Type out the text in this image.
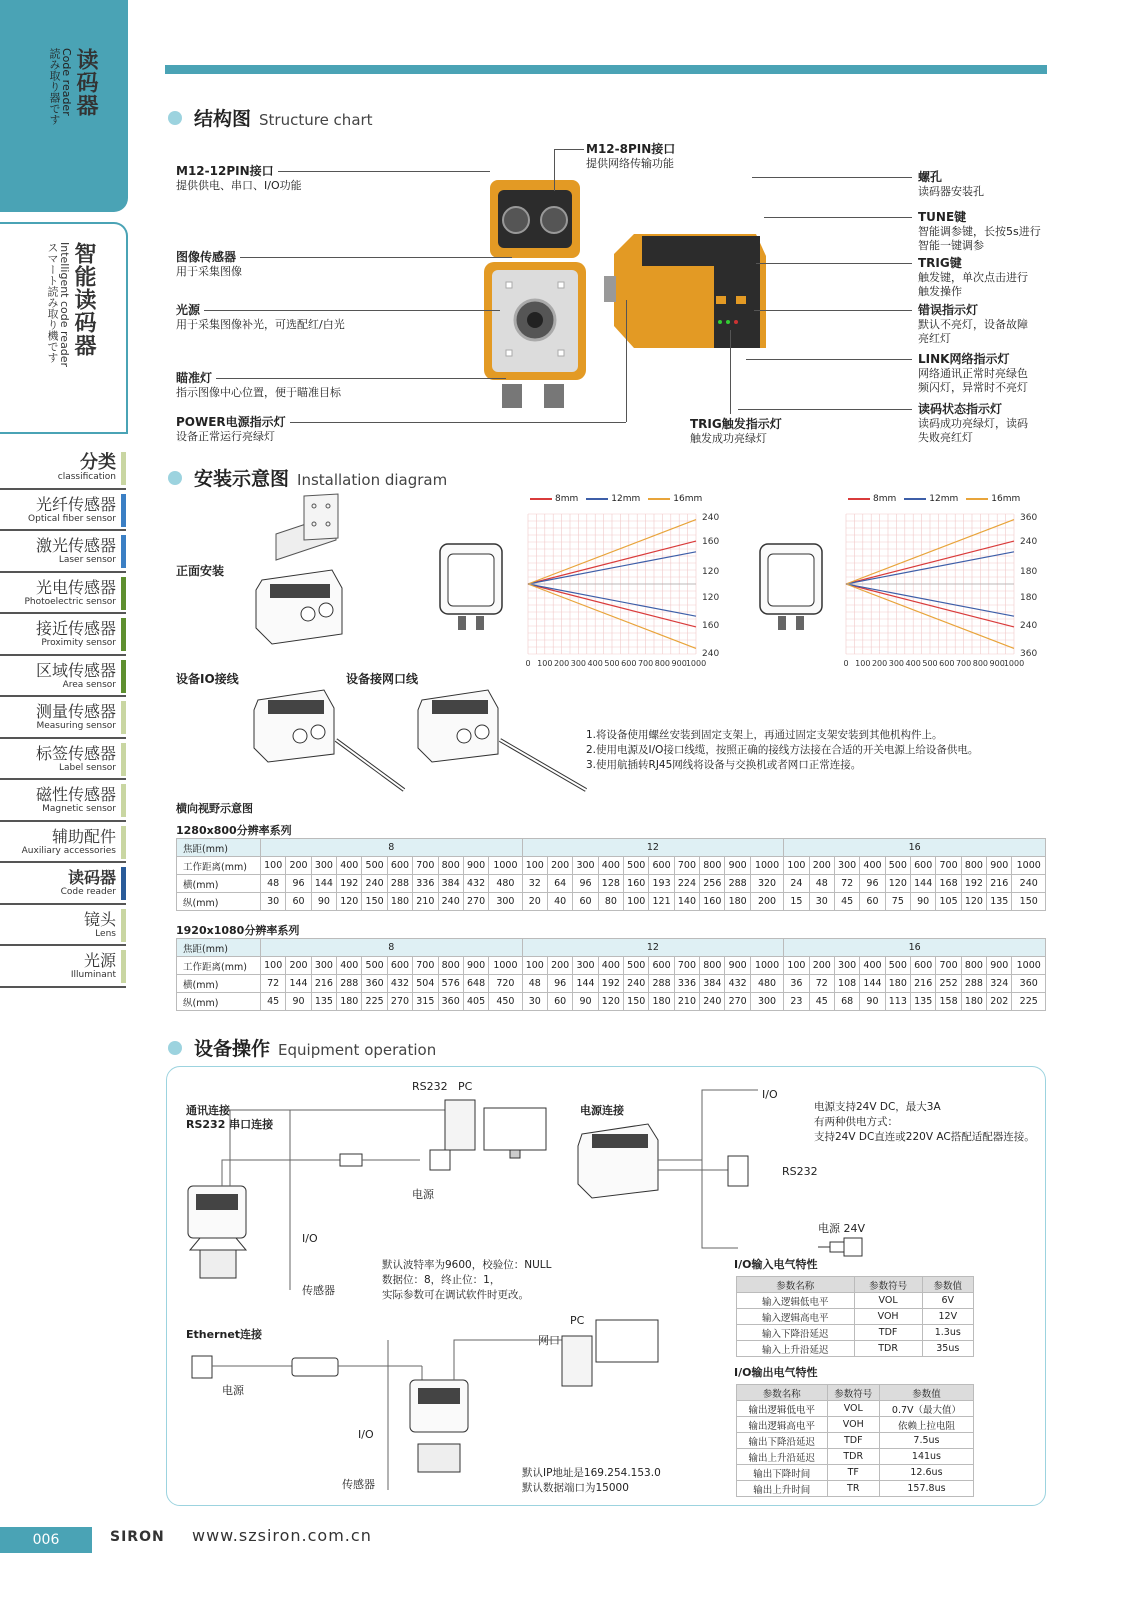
读码器
Code reader
読み取り器です
智能读码器
Intelligent code reader
スマート読み取り機です
分类
classification
光纤传感器
Optical fiber sensor
激光传感器
Laser sensor
光电传感器
Photoelectric sensor
接近传感器
Proximity sensor
区域传感器
Area sensor
测量传感器
Measuring sensor
标签传感器
Label sensor
磁性传感器
Magnetic sensor
辅助配件
Auxiliary accessories
读码器
Code reader
镜头
Lens
光源
Illuminant
结构图 Structure chart
M12-12PIN接口
提供供电、串口、I/O功能
图像传感器
用于采集图像
光源
用于采集图像补光，可选配红/白光
瞄准灯
指示图像中心位置，便于瞄准目标
POWER电源指示灯
设备正常运行亮绿灯
M12-8PIN接口
提供网络传输功能
TRIG触发指示灯
触发成功亮绿灯
螺孔
读码器安装孔
TUNE键
智能调参键，长按5s进行
智能一键调参
TRIG键
触发键，单次点击进行
触发操作
错误指示灯
默认不亮灯，设备故障
亮红灯
LINK网络指示灯
网络通讯正常时亮绿色
频闪灯，异常时不亮灯
读码状态指示灯
读码成功亮绿灯，读码
失败亮红灯
安装示意图 Installation diagram
正面安装
设备IO接线	设备接网口线
8mm	12mm	16mm
240
160
120
120
160
240
0 100 200 300 400 500 600 700 800 900
1000
8mm	12mm	16mm
360
240
180
180
240
360
0 100 200 300 400 500 600 700 800 900
1000
1.将设备使用螺丝安装到固定支架上，再通过固定支架安装到其他机构件上。
2.使用电源及I/O接口线缆，按照正确的接线方法接在合适的开关电源上给设备供电。
3.使用航插转RJ45网线将设备与交换机或者网口正常连接。
横向视野示意图
1280x800分辨率系列
焦距(mm)	8										12										16									
工作距离(mm)	100	200	300	400	500	600	700	800	900	1000	100	200	300	400	500	600	700	800	900	1000	100	200	300	400	500	600	700	800	900	1000
横(mm)	48	96	144	192	240	288	336	384	432	480	32	64	96	128	160	193	224	256	288	320	24	48	72	96	120	144	168	192	216	240
纵(mm)	30	60	90	120	150	180	210	240	270	300	20	40	60	80	100	121	140	160	180	200	15	30	45	60	75	90	105	120	135	150
1920x1080分辨率系列
焦距(mm)	8										12										16									
工作距离(mm)	100	200	300	400	500	600	700	800	900	1000	100	200	300	400	500	600	700	800	900	1000	100	200	300	400	500	600	700	800	900	1000
横(mm)	72	144	216	288	360	432	504	576	648	720	48	96	144	192	240	288	336	384	432	480	36	72	108	144	180	216	252	288	324	360
纵(mm)	45	90	135	180	225	270	315	360	405	450	30	60	90	120	150	180	210	240	270	300	23	45	68	90	113	135	158	180	202	225
设备操作 Equipment operation
通讯连接
RS232 串口连接
RS232 PC
电源
I/O
传感器
默认波特率为9600，校验位：NULL
数据位：8，终止位：1，
实际参数可在调试软件时更改。
电源连接
I/O
RS232
电源 24V
电源支持24V DC，最大3A
有两种供电方式：
支持24V DC直连或220V AC搭配适配器连接。
Ethernet连接
电源
I/O
传感器
网口
PC
默认IP地址是169.254.153.0
默认数据端口为15000
I/O输入电气特性
参数名称	参数符号	参数值
输入逻辑低电平	VOL	6V
输入逻辑高电平	VOH	12V
输入下降沿延迟	TDF	1.3us
输入上升沿延迟	TDR	35us
I/O输出电气特性
参数名称	参数符号	参数值
输出逻辑低电平	VOL	0.7V（最大值）
输出逻辑高电平	VOH	依赖上拉电阻
输出下降沿延迟	TDF	7.5us
输出上升沿延迟	TDR	141us
输出下降时间	TF	12.6us
输出上升时间	TR	157.8us
006	SIRON www.szsiron.com.cn
